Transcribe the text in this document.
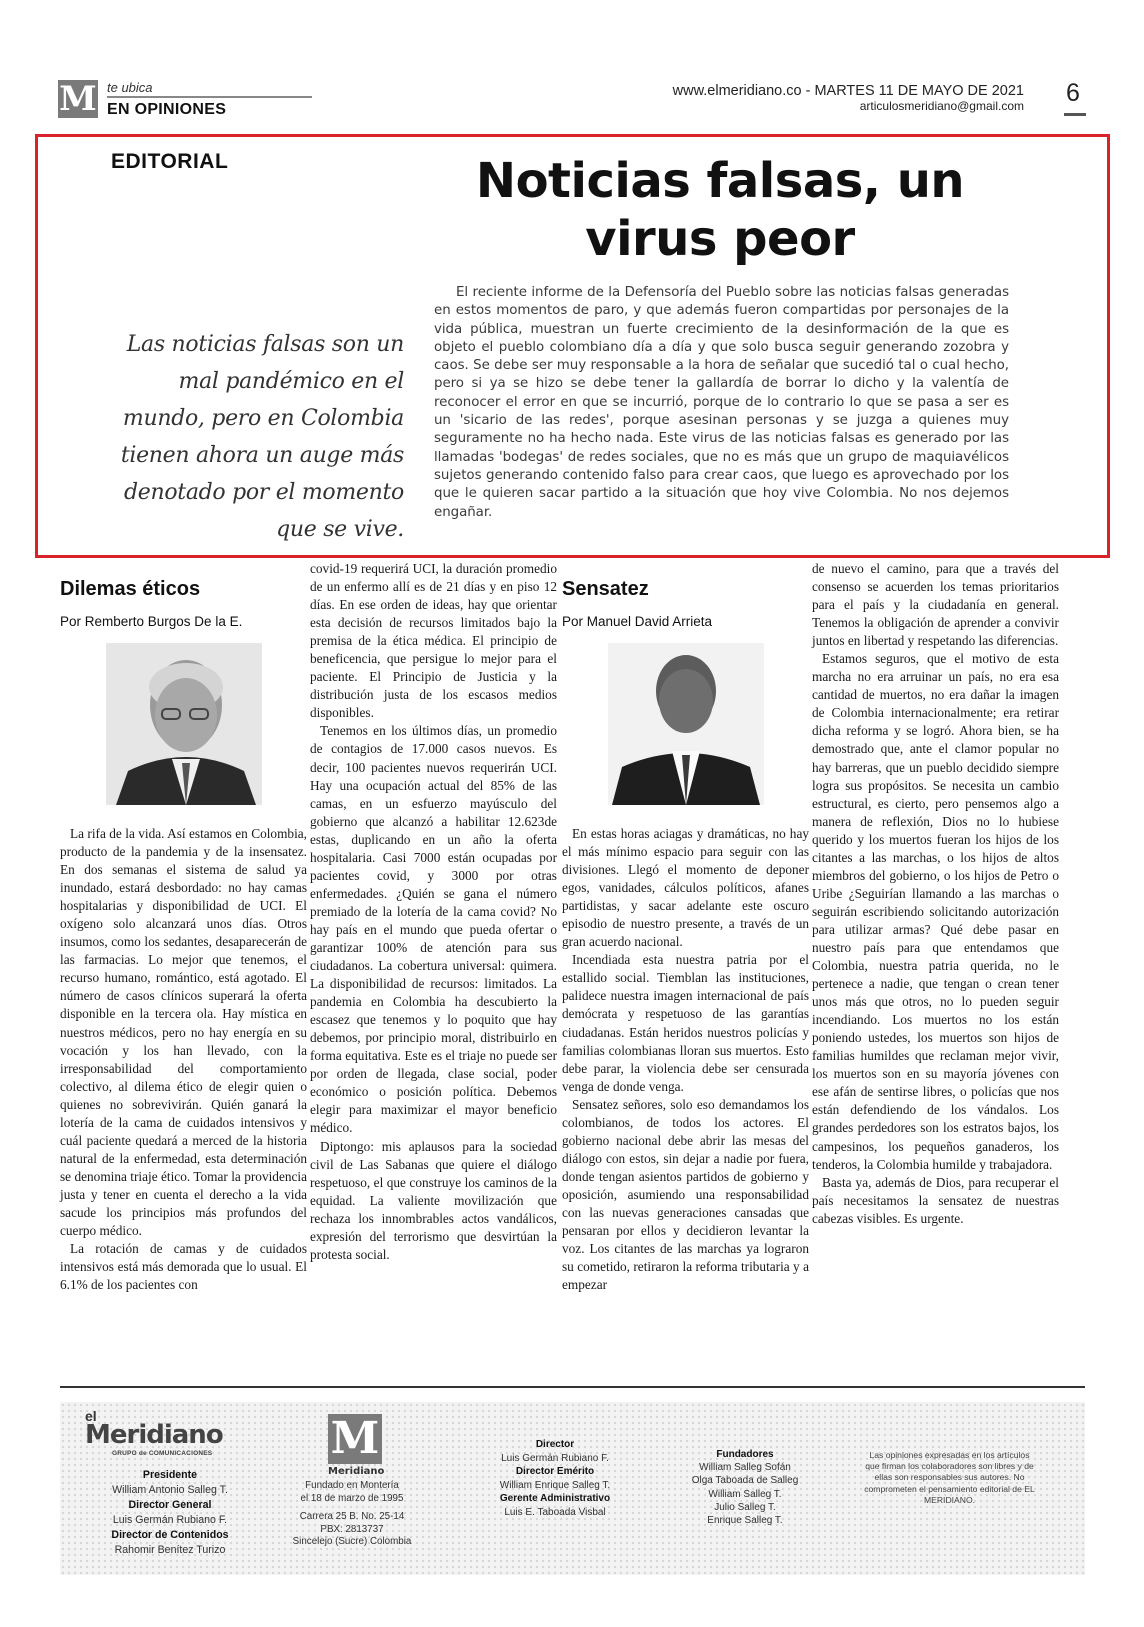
M te ubica
EN OPINIONES
www.elmeridiano.co - MARTES 11 DE MAYO DE 2021
articulosmeridiano@gmail.com 6
EDITORIAL	Noticias falsas, un virus peor
Las noticias falsas son un mal pandémico en el mundo, pero en Colombia tienen ahora un auge más denotado por el momento que se vive.
El reciente informe de la Defensoría del Pueblo sobre las noticias falsas generadas en estos momentos de paro, y que además fueron compartidas por personajes de la vida pública, muestran un fuerte crecimiento de la desinformación de la que es objeto el pueblo colombiano día a día y que solo busca seguir generando zozobra y caos. Se debe ser muy responsable a la hora de señalar que sucedió tal o cual hecho, pero si ya se hizo se debe tener la gallardía de borrar lo dicho y la valentía de reconocer el error en que se incurrió, porque de lo contrario lo que se pasa a ser es un 'sicario de las redes', porque asesinan personas y se juzga a quienes muy seguramente no ha hecho nada. Este virus de las noticias falsas es generado por las llamadas 'bodegas' de redes sociales, que no es más que un grupo de maquiavélicos sujetos generando contenido falso para crear caos, que luego es aprovechado por los que le quieren sacar partido a la situación que hoy vive Colombia. No nos dejemos engañar.
Dilemas éticos
Por Remberto Burgos De la E.

La rifa de la vida. Así estamos en Colombia, producto de la pandemia y de la insensatez. En dos semanas el sistema de salud ya inundado, estará desbordado: no hay camas hospitalarias y disponibilidad de UCI. El oxígeno solo alcanzará unos días. Otros insumos, como los sedantes, desaparecerán de las farmacias. Lo mejor que tenemos, el recurso humano, romántico, está agotado. El número de casos clínicos superará la oferta disponible en la tercera ola. Hay mística en nuestros médicos, pero no hay energía en su vocación y los han llevado, con la irresponsabilidad del comportamiento colectivo, al dilema ético de elegir quien o quienes no sobrevivirán. Quién ganará la lotería de la cama de cuidados intensivos y cuál paciente quedará a merced de la historia natural de la enfermedad, esta determinación se denomina triaje ético. Tomar la providencia justa y tener en cuenta el derecho a la vida sacude los principios más profundos del cuerpo médico.

La rotación de camas y de cuidados intensivos está más demorada que lo usual. El 6.1% de los pacientes con

covid-19 requerirá UCI, la duración promedio de un enfermo allí es de 21 días y en piso 12 días. En ese orden de ideas, hay que orientar esta decisión de recursos limitados bajo la premisa de la ética médica. El principio de beneficencia, que persigue lo mejor para el paciente. El Principio de Justicia y la distribución justa de los escasos medios disponibles.

Tenemos en los últimos días, un promedio de contagios de 17.000 casos nuevos. Es decir, 100 pacientes nuevos requerirán UCI. Hay una ocupación actual del 85% de las camas, en un esfuerzo mayúsculo del gobierno que alcanzó a habilitar 12.623de estas, duplicando en un año la oferta hospitalaria. Casi 7000 están ocupadas por pacientes covid, y 3000 por otras enfermedades. ¿Quién se gana el número premiado de la lotería de la cama covid? No hay país en el mundo que pueda ofertar o garantizar 100% de atención para sus ciudadanos. La cobertura universal: quimera. La disponibilidad de recursos: limitados. La pandemia en Colombia ha descubierto la escasez que tenemos y lo poquito que hay debemos, por principio moral, distribuirlo en forma equitativa. Este es el triaje no puede ser por orden de llegada, clase social, poder económico o posición política. Debemos elegir para maximizar el mayor beneficio médico.

Diptongo: mis aplausos para la sociedad civil de Las Sabanas que quiere el diálogo respetuoso, el que construye los caminos de la equidad. La valiente movilización que rechaza los innombrables actos vandálicos, expresión del terrorismo que desvirtúan la protesta social.

Sensatez
Por Manuel David Arrieta

En estas horas aciagas y dramáticas, no hay el más mínimo espacio para seguir con las divisiones. Llegó el momento de deponer egos, vanidades, cálculos políticos, afanes partidistas, y sacar adelante este oscuro episodio de nuestro presente, a través de un gran acuerdo nacional.

Incendiada esta nuestra patria por el estallido social. Tiemblan las instituciones, palidece nuestra imagen internacional de país demócrata y respetuoso de las garantías ciudadanas. Están heridos nuestros policías y familias colombianas lloran sus muertos. Esto debe parar, la violencia debe ser censurada venga de donde venga.

Sensatez señores, solo eso demandamos los colombianos, de todos los actores. El gobierno nacional debe abrir las mesas del diálogo con estos, sin dejar a nadie por fuera, donde tengan asientos partidos de gobierno y oposición, asumiendo una responsabilidad con las nuevas generaciones cansadas que pensaran por ellos y decidieron levantar la voz. Los citantes de las marchas ya lograron su cometido, retiraron la reforma tributaria y a empezar

de nuevo el camino, para que a través del consenso se acuerden los temas prioritarios para el país y la ciudadanía en general. Tenemos la obligación de aprender a convivir juntos en libertad y respetando las diferencias.

Estamos seguros, que el motivo de esta marcha no era arruinar un país, no era esa cantidad de muertos, no era dañar la imagen de Colombia internacionalmente; era retirar dicha reforma y se logró. Ahora bien, se ha demostrado que, ante el clamor popular no hay barreras, que un pueblo decidido siempre logra sus propósitos. Se necesita un cambio estructural, es cierto, pero pensemos algo a manera de reflexión, Dios no lo hubiese querido y los muertos fueran los hijos de los citantes a las marchas, o los hijos de altos miembros del gobierno, o los hijos de Petro o Uribe ¿Seguirían llamando a las marchas o seguirán escribiendo solicitando autorización para utilizar armas? Qué debe pasar en nuestro país para que entendamos que Colombia, nuestra patria querida, no le pertenece a nadie, que tengan o crean tener unos más que otros, no lo pueden seguir incendiando. Los muertos no los están poniendo ustedes, los muertos son hijos de familias humildes que reclaman mejor vivir, los muertos son en su mayoría jóvenes con ese afán de sentirse libres, o policías que nos están defendiendo de los vándalos. Los grandes perdedores son los estratos bajos, los campesinos, los pequeños ganaderos, los tenderos, la Colombia humilde y trabajadora.

Basta ya, además de Dios, para recuperar el país necesitamos la sensatez de nuestras cabezas visibles. Es urgente.

el
Meridiano
GRUPO de COMUNICACIONES
Presidente
William Antonio Salleg T.
Director General
Luis Germán Rubiano F.
Director de Contenidos
Rahomir Benítez Turizo
M
Meridiano
Fundado en Montería
el 18 de marzo de 1995
Carrera 25 B. No. 25-14
PBX: 2813737
Sincelejo (Sucre) Colombia
Director
Luis Germán Rubiano F.
Director Emérito
William Enrique Salleg T.
Gerente Administrativo
Luis E. Taboada Visbal
Fundadores
William Salleg Sofán
Olga Taboada de Salleg
William Salleg T.
Julio Salleg T.
Enrique Salleg T.
Las opiniones expresadas en los artículos que firman los colaboradores son libres y de ellas son responsables sus autores. No comprometen el pensamiento editorial de EL MERIDIANO.
